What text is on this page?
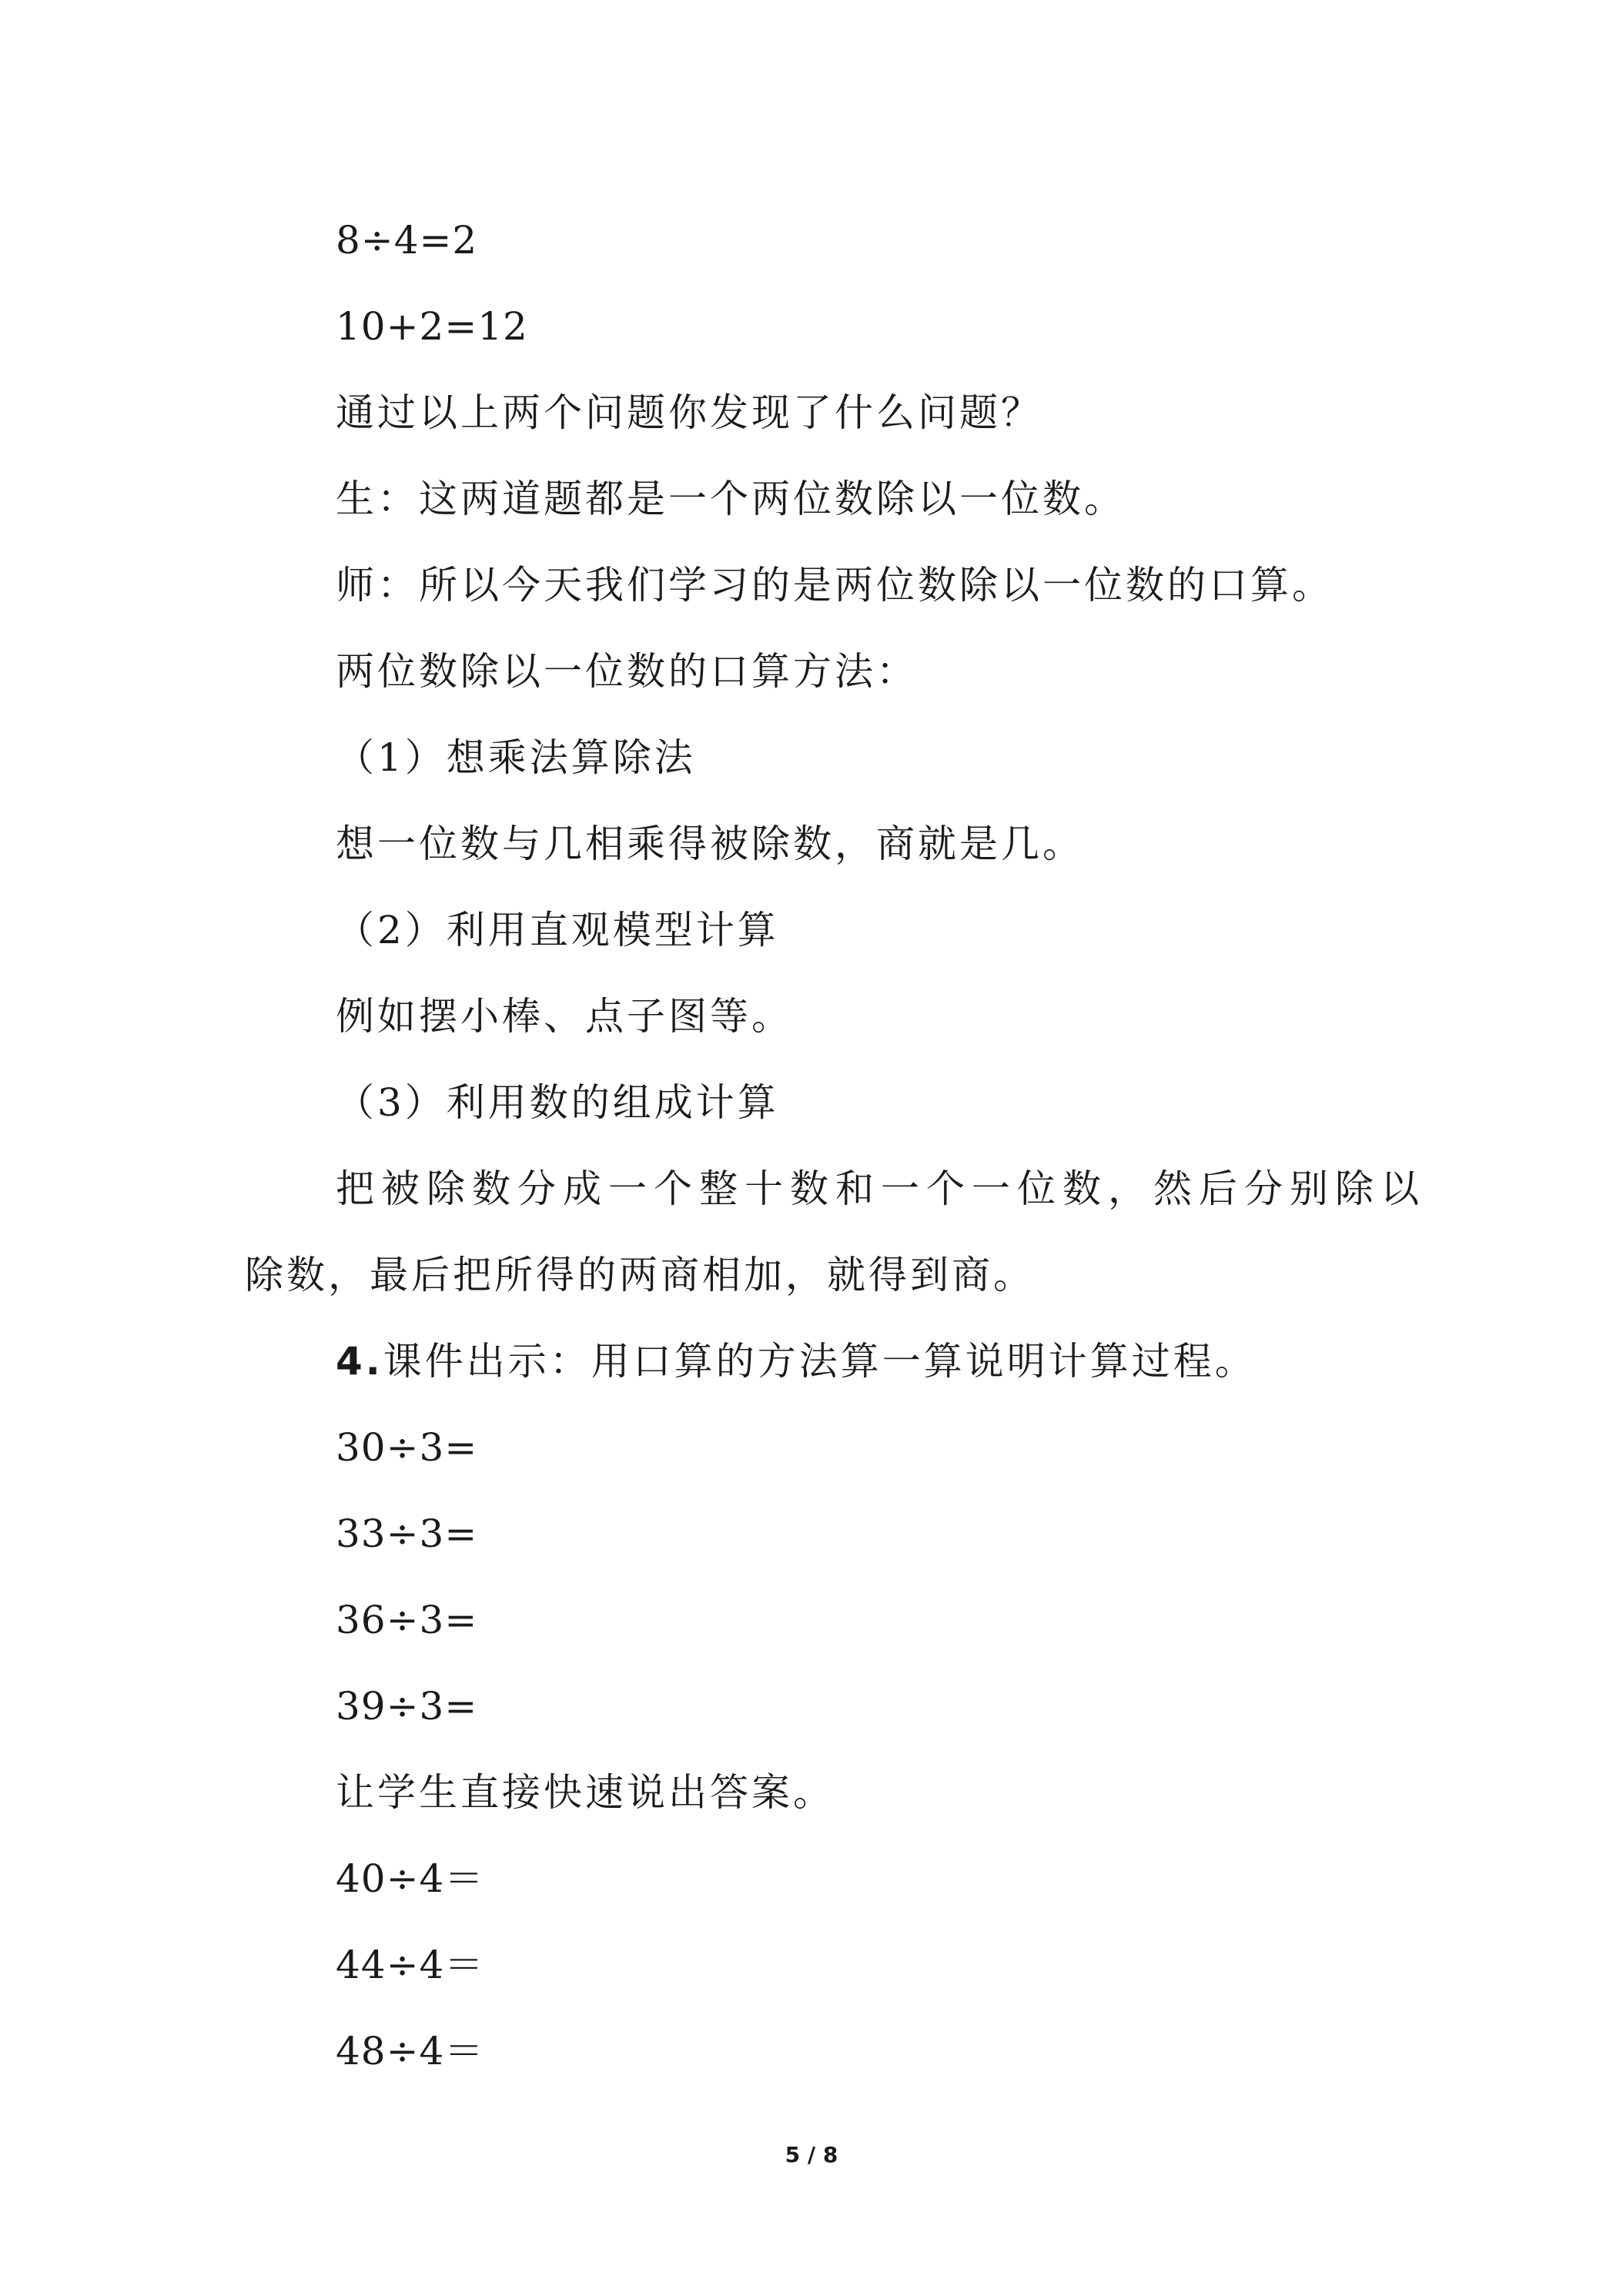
8÷4=2
10+2=12
通过以上两个问题你发现了什么问题？
生：这两道题都是一个两位数除以一位数。
师：所以今天我们学习的是两位数除以一位数的口算。
两位数除以一位数的口算方法：
（1）想乘法算除法
想一位数与几相乘得被除数，商就是几。
（2）利用直观模型计算
例如摆小棒、点子图等。
（3）利用数的组成计算
把被除数分成一个整十数和一个一位数，然后分别除以
除数，最后把所得的两商相加，就得到商。
4.课件出示：用口算的方法算一算说明计算过程。
30÷3=
33÷3=
36÷3=
39÷3=
让学生直接快速说出答案。
40÷4＝
44÷4＝
48÷4＝
5 / 8
